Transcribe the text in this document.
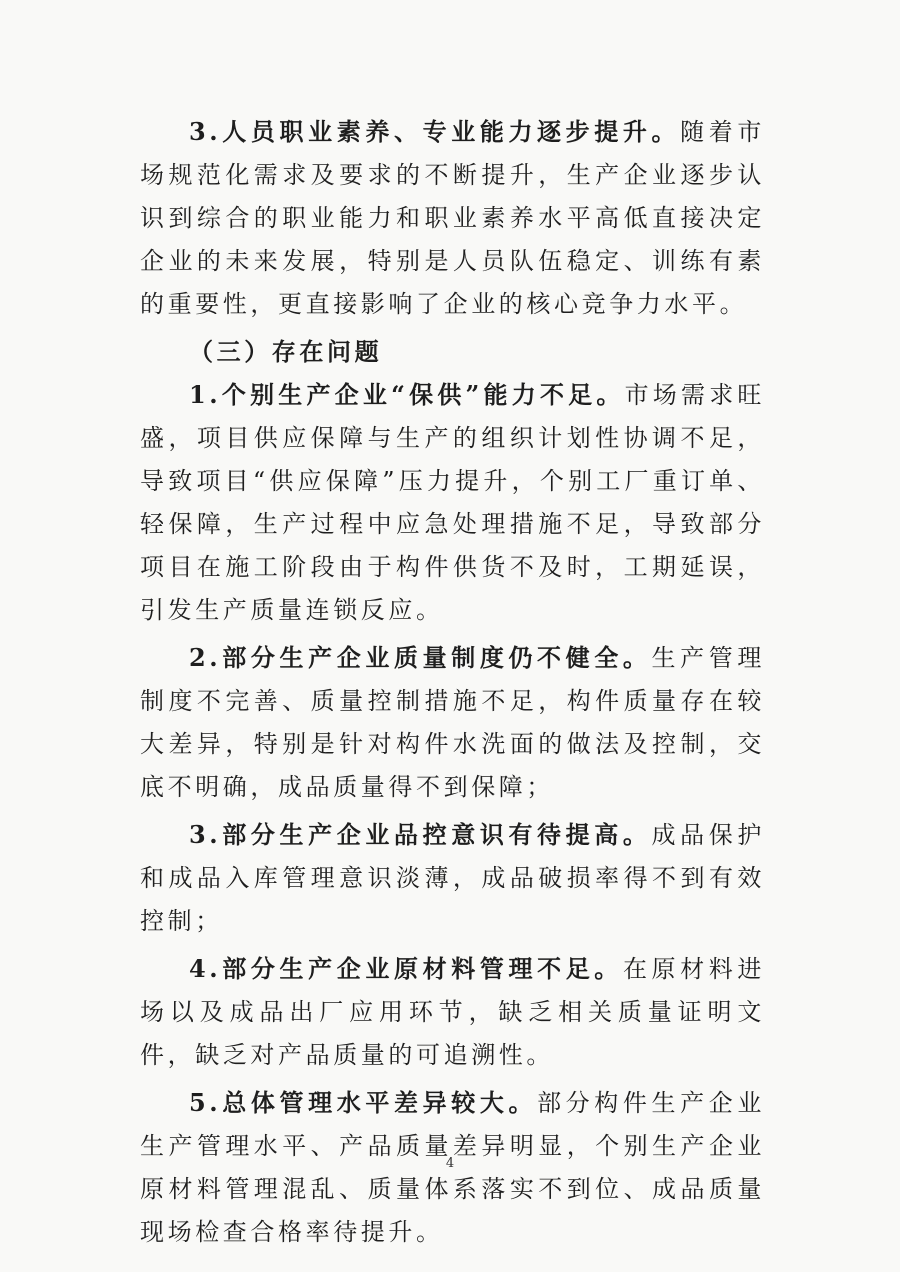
3.人员职业素养、专业能力逐步提升。随着市场规范化需求及要求的不断提升，生产企业逐步认识到综合的职业能力和职业素养水平高低直接决定企业的未来发展，特别是人员队伍稳定、训练有素的重要性，更直接影响了企业的核心竞争力水平。

（三）存在问题

1.个别生产企业“保供”能力不足。市场需求旺盛，项目供应保障与生产的组织计划性协调不足，导致项目“供应保障”压力提升，个别工厂重订单、轻保障，生产过程中应急处理措施不足，导致部分项目在施工阶段由于构件供货不及时，工期延误，引发生产质量连锁反应。

2.部分生产企业质量制度仍不健全。生产管理制度不完善、质量控制措施不足，构件质量存在较大差异，特别是针对构件水洗面的做法及控制，交底不明确，成品质量得不到保障；

3.部分生产企业品控意识有待提高。成品保护和成品入库管理意识淡薄，成品破损率得不到有效控制；

4.部分生产企业原材料管理不足。在原材料进场以及成品出厂应用环节，缺乏相关质量证明文件，缺乏对产品质量的可追溯性。

5.总体管理水平差异较大。部分构件生产企业生产管理水平、产品质量差异明显，个别生产企业原材料管理混乱、质量体系落实不到位、成品质量现场检查合格率待提升。

4
